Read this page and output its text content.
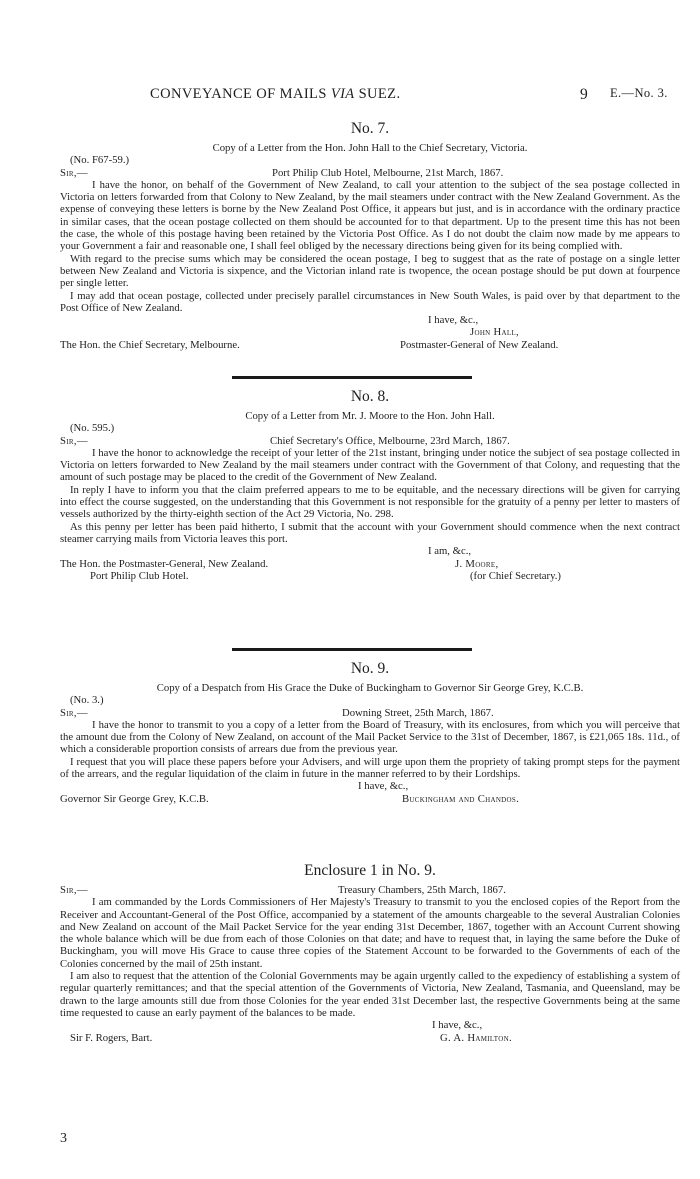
CONVEYANCE OF MAILS VIA SUEZ.	9 E.—No. 3.
No. 7.
Copy of a Letter from the Hon. John Hall to the Chief Secretary, Victoria.
(No. F67-59.)
Sir,—	Port Philip Club Hotel, Melbourne, 21st March, 1867.

I have the honor, on behalf of the Government of New Zealand, to call your attention to the subject of the sea postage collected in Victoria on letters forwarded from that Colony to New Zealand, by the mail steamers under contract with the New Zealand Government. As the expense of conveying these letters is borne by the New Zealand Post Office, it appears but just, and is in accordance with the ordinary practice in similar cases, that the ocean postage collected on them should be accounted for to that department. Up to the present time this has not been the case, the whole of this postage having been retained by the Victoria Post Office. As I do not doubt the claim now made by me appears to your Government a fair and reasonable one, I shall feel obliged by the necessary directions being given for its being complied with.

With regard to the precise sums which may be considered the ocean postage, I beg to suggest that as the rate of postage on a single letter between New Zealand and Victoria is sixpence, and the Victorian inland rate is twopence, the ocean postage should be put down at fourpence per single letter.

I may add that ocean postage, collected under precisely parallel circumstances in New South Wales, is paid over by that department to the Post Office of New Zealand.

I have, &c.,
John Hall,
The Hon. the Chief Secretary, Melbourne.	Postmaster-General of New Zealand.
No. 8.
Copy of a Letter from Mr. J. Moore to the Hon. John Hall.
(No. 595.)
Sir,—	Chief Secretary's Office, Melbourne, 23rd March, 1867.

I have the honor to acknowledge the receipt of your letter of the 21st instant, bringing under notice the subject of sea postage collected in Victoria on letters forwarded to New Zealand by the mail steamers under contract with the Government of that Colony, and requesting that the amount of such postage may be placed to the credit of the Government of New Zealand.

In reply I have to inform you that the claim preferred appears to me to be equitable, and the necessary directions will be given for carrying into effect the course suggested, on the understanding that this Government is not responsible for the gratuity of a penny per letter to masters of vessels authorized by the thirty-eighth section of the Act 29 Victoria, No. 298.

As this penny per letter has been paid hitherto, I submit that the account with your Government should commence when the next contract steamer carrying mails from Victoria leaves this port.

I am, &c.,
The Hon. the Postmaster-General, New Zealand.	J. Moore,
Port Philip Club Hotel.	(for Chief Secretary.)
No. 9.
Copy of a Despatch from His Grace the Duke of Buckingham to Governor Sir George Grey, K.C.B.
(No. 3.)
Sir,—	Downing Street, 25th March, 1867.

I have the honor to transmit to you a copy of a letter from the Board of Treasury, with its enclosures, from which you will perceive that the amount due from the Colony of New Zealand, on account of the Mail Packet Service to the 31st of December, 1867, is £21,065 18s. 11d., of which a considerable proportion consists of arrears due from the previous year.

I request that you will place these papers before your Advisers, and will urge upon them the propriety of taking prompt steps for the payment of the arrears, and the regular liquidation of the claim in future in the manner referred to by their Lordships.

I have, &c.,
Governor Sir George Grey, K.C.B.	Buckingham and Chandos.
Enclosure 1 in No. 9.
Sir,—	Treasury Chambers, 25th March, 1867.

I am commanded by the Lords Commissioners of Her Majesty's Treasury to transmit to you the enclosed copies of the Report from the Receiver and Accountant-General of the Post Office, accompanied by a statement of the amounts chargeable to the several Australian Colonies and New Zealand on account of the Mail Packet Service for the year ending 31st December, 1867, together with an Account Current showing the whole balance which will be due from each of those Colonies on that date; and have to request that, in laying the same before the Duke of Buckingham, you will move His Grace to cause three copies of the Statement Account to be forwarded to the Governments of each of the Colonies concerned by the mail of 25th instant.

I am also to request that the attention of the Colonial Governments may be again urgently called to the expediency of establishing a system of regular quarterly remittances; and that the special attention of the Governments of Victoria, New Zealand, Tasmania, and Queensland, may be drawn to the large amounts still due from those Colonies for the year ended 31st December last, the respective Governments being at the same time requested to cause an early payment of the balances to be made.

I have, &c.,
Sir F. Rogers, Bart.	G. A. Hamilton.
3
